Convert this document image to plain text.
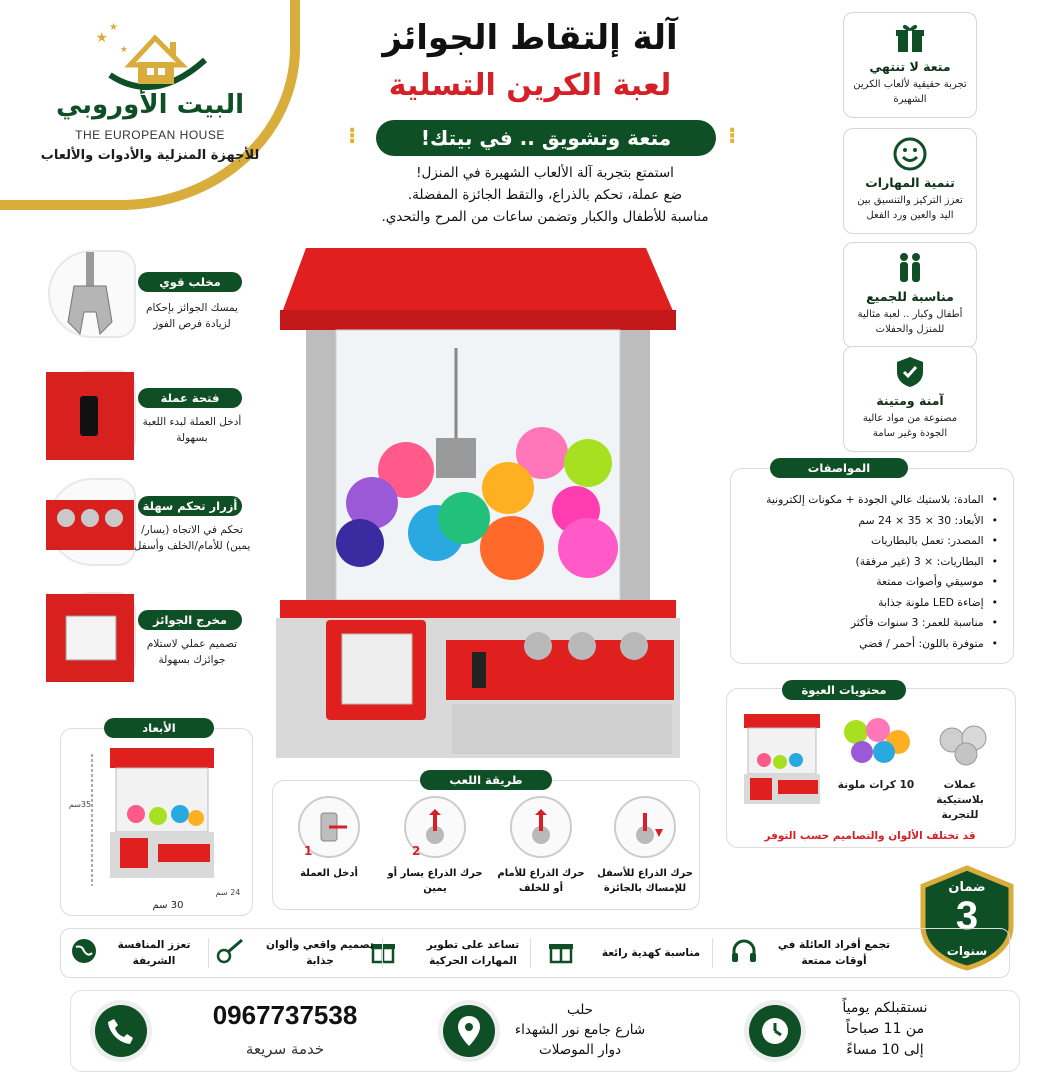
★
★
★
البيت الأوروبي
THE EUROPEAN HOUSE
للأجهزة المنزلية والأدوات والألعاب
آلة إلتقاط الجوائز
لعبة الكرين التسلية
⁝	⁝
متعة وتشويق .. في بيتك!
استمتع بتجربة آلة الألعاب الشهيرة في المنزل!
ضع عملة، تحكم بالذراع، والتقط الجائزة المفضلة.
مناسبة للأطفال والكبار وتضمن ساعات من المرح والتحدي.
متعة لا تنتهي
تجربة حقيقية لألعاب الكرين الشهيرة
تنمية المهارات
تعزز التركيز والتنسيق بين اليد والعين ورد الفعل
مناسبة للجميع
أطفال وكبار .. لعبة مثالية للمنزل والحفلات
آمنة ومتينة
مصنوعة من مواد عالية الجودة وغير سامة
مخلب قوي
يمسك الجوائز بإحكام لزيادة فرص الفوز
فتحة عملة
أدخل العملة لبدء اللعبة بسهولة
أزرار تحكم سهلة
تحكم في الاتجاه (يسار/يمين) للأمام/الخلف وأسفل
مخرج الجوائز
تصميم عملي لاستلام جوائزك بسهولة
المواصفات
• المادة: بلاستيك عالي الجودة + مكونات إلكترونية
• الأبعاد: 30 × 35 × 24 سم
• المصدر: تعمل بالبطاريات
• البطاريات: × 3 (غير مرفقة)
• موسيقي وأصوات ممتعة
• إضاءة LED ملونة جذابة
• مناسبة للعمر: 3 سنوات فأكثر
• متوفرة باللون: أحمر / فضي
محتويات العبوة
عملات بلاستيكية للتجربة
10 كرات ملونة
قد تختلف الألوان والتصاميم حسب التوفر
الأبعاد
35سم
30 سم
24 سم
طريقة اللعب
1
أدخل العملة
2
حرك الذراع يسار أو يمين
حرك الذراع للأمام أو للخلف
حرك الذراع للأسفل للإمساك بالجائزة	ضمان
3
سنوات
تجمع أفراد العائلة في أوقات ممتعة
مناسبة كهدية رائعة
تساعد على تطوير المهارات الحركية
تصميم واقعي وألوان جذابة
تعزز المنافسة الشريفة
0967737538
خدمة سريعة
حلب
شارع جامع نور الشهداء
دوار الموصلات
نستقبلكم يومياً
من 11 صباحاً
إلى 10 مساءً
